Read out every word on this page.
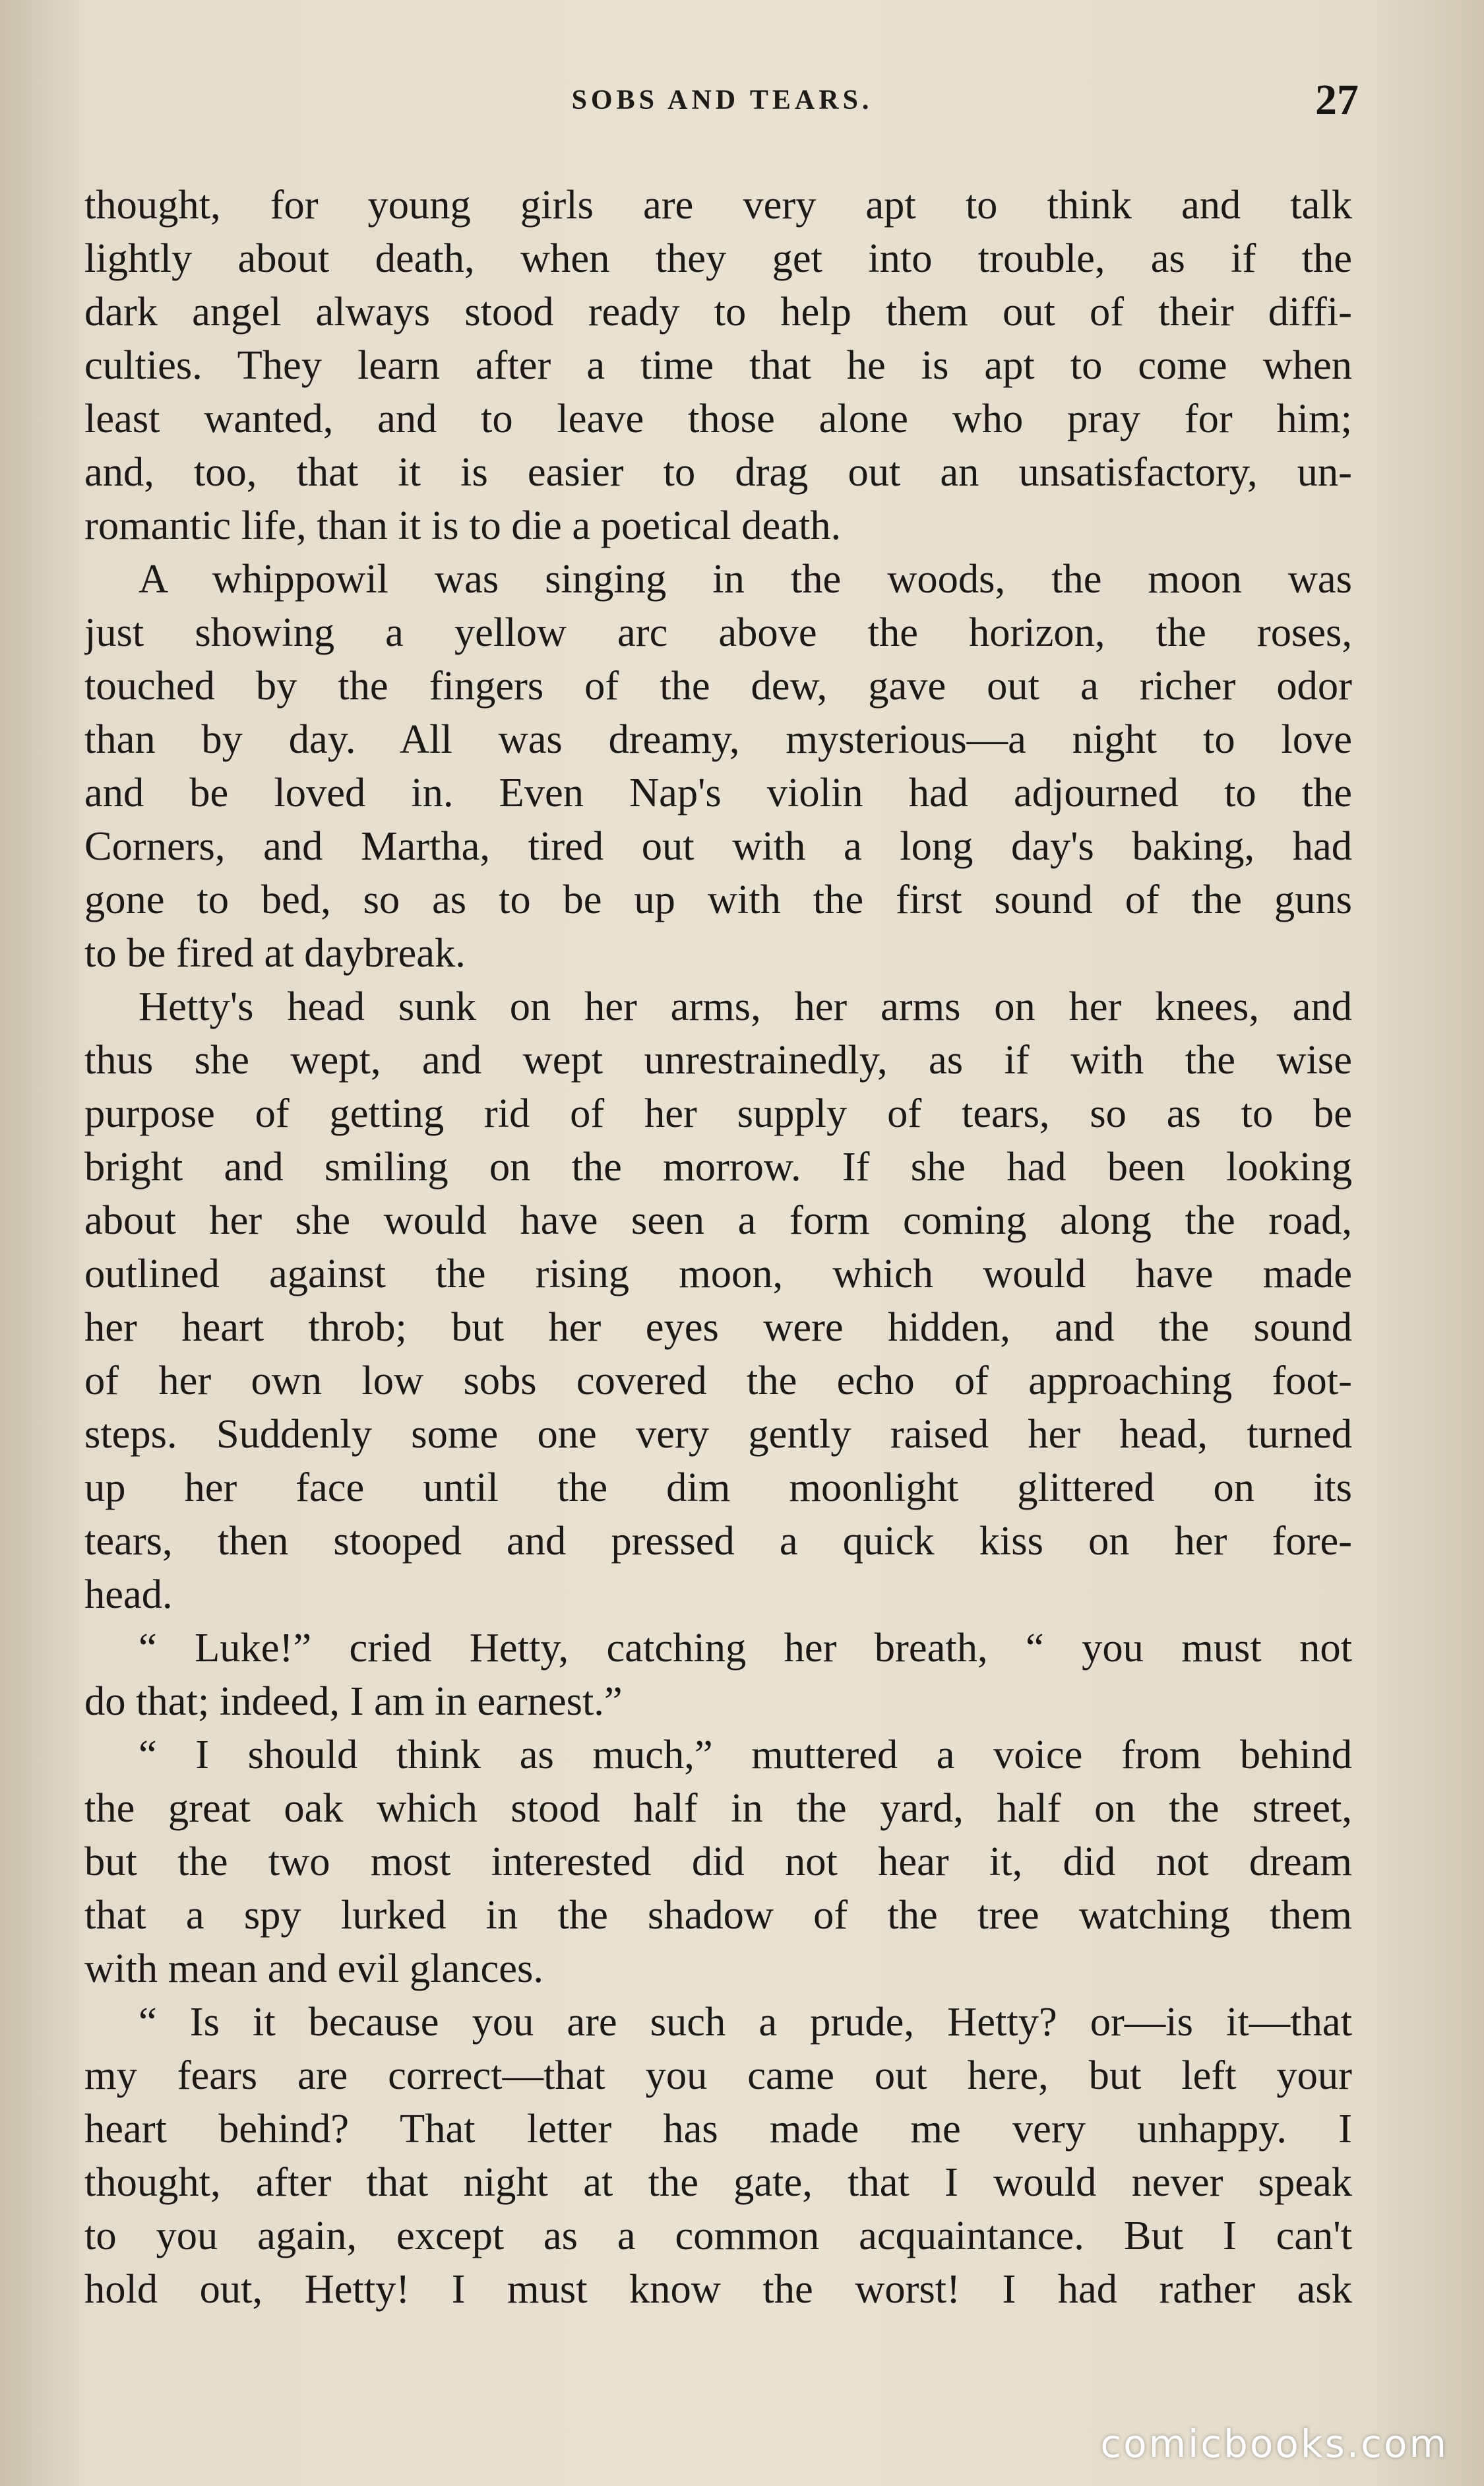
SOBS AND TEARS.	27
thought, for young girls are very apt to think and talk
lightly about death, when they get into trouble, as if the
dark angel always stood ready to help them out of their diffi-
culties. They learn after a time that he is apt to come when
least wanted, and to leave those alone who pray for him;
and, too, that it is easier to drag out an unsatisfactory, un-
romantic life, than it is to die a poetical death.
A whippowil was singing in the woods, the moon was
just showing a yellow arc above the horizon, the roses,
touched by the fingers of the dew, gave out a richer odor
than by day. All was dreamy, mysterious—a night to love
and be loved in. Even Nap's violin had adjourned to the
Corners, and Martha, tired out with a long day's baking, had
gone to bed, so as to be up with the first sound of the guns
to be fired at daybreak.
Hetty's head sunk on her arms, her arms on her knees, and
thus she wept, and wept unrestrainedly, as if with the wise
purpose of getting rid of her supply of tears, so as to be
bright and smiling on the morrow. If she had been looking
about her she would have seen a form coming along the road,
outlined against the rising moon, which would have made
her heart throb; but her eyes were hidden, and the sound
of her own low sobs covered the echo of approaching foot-
steps. Suddenly some one very gently raised her head, turned
up her face until the dim moonlight glittered on its
tears, then stooped and pressed a quick kiss on her fore-
head.
“ Luke!” cried Hetty, catching her breath, “ you must not
do that; indeed, I am in earnest.”
“ I should think as much,” muttered a voice from behind
the great oak which stood half in the yard, half on the street,
but the two most interested did not hear it, did not dream
that a spy lurked in the shadow of the tree watching them
with mean and evil glances.
“ Is it because you are such a prude, Hetty? or—is it—that
my fears are correct—that you came out here, but left your
heart behind? That letter has made me very unhappy. I
thought, after that night at the gate, that I would never speak
to you again, except as a common acquaintance. But I can't
hold out, Hetty! I must know the worst! I had rather ask
comicbooks.com
